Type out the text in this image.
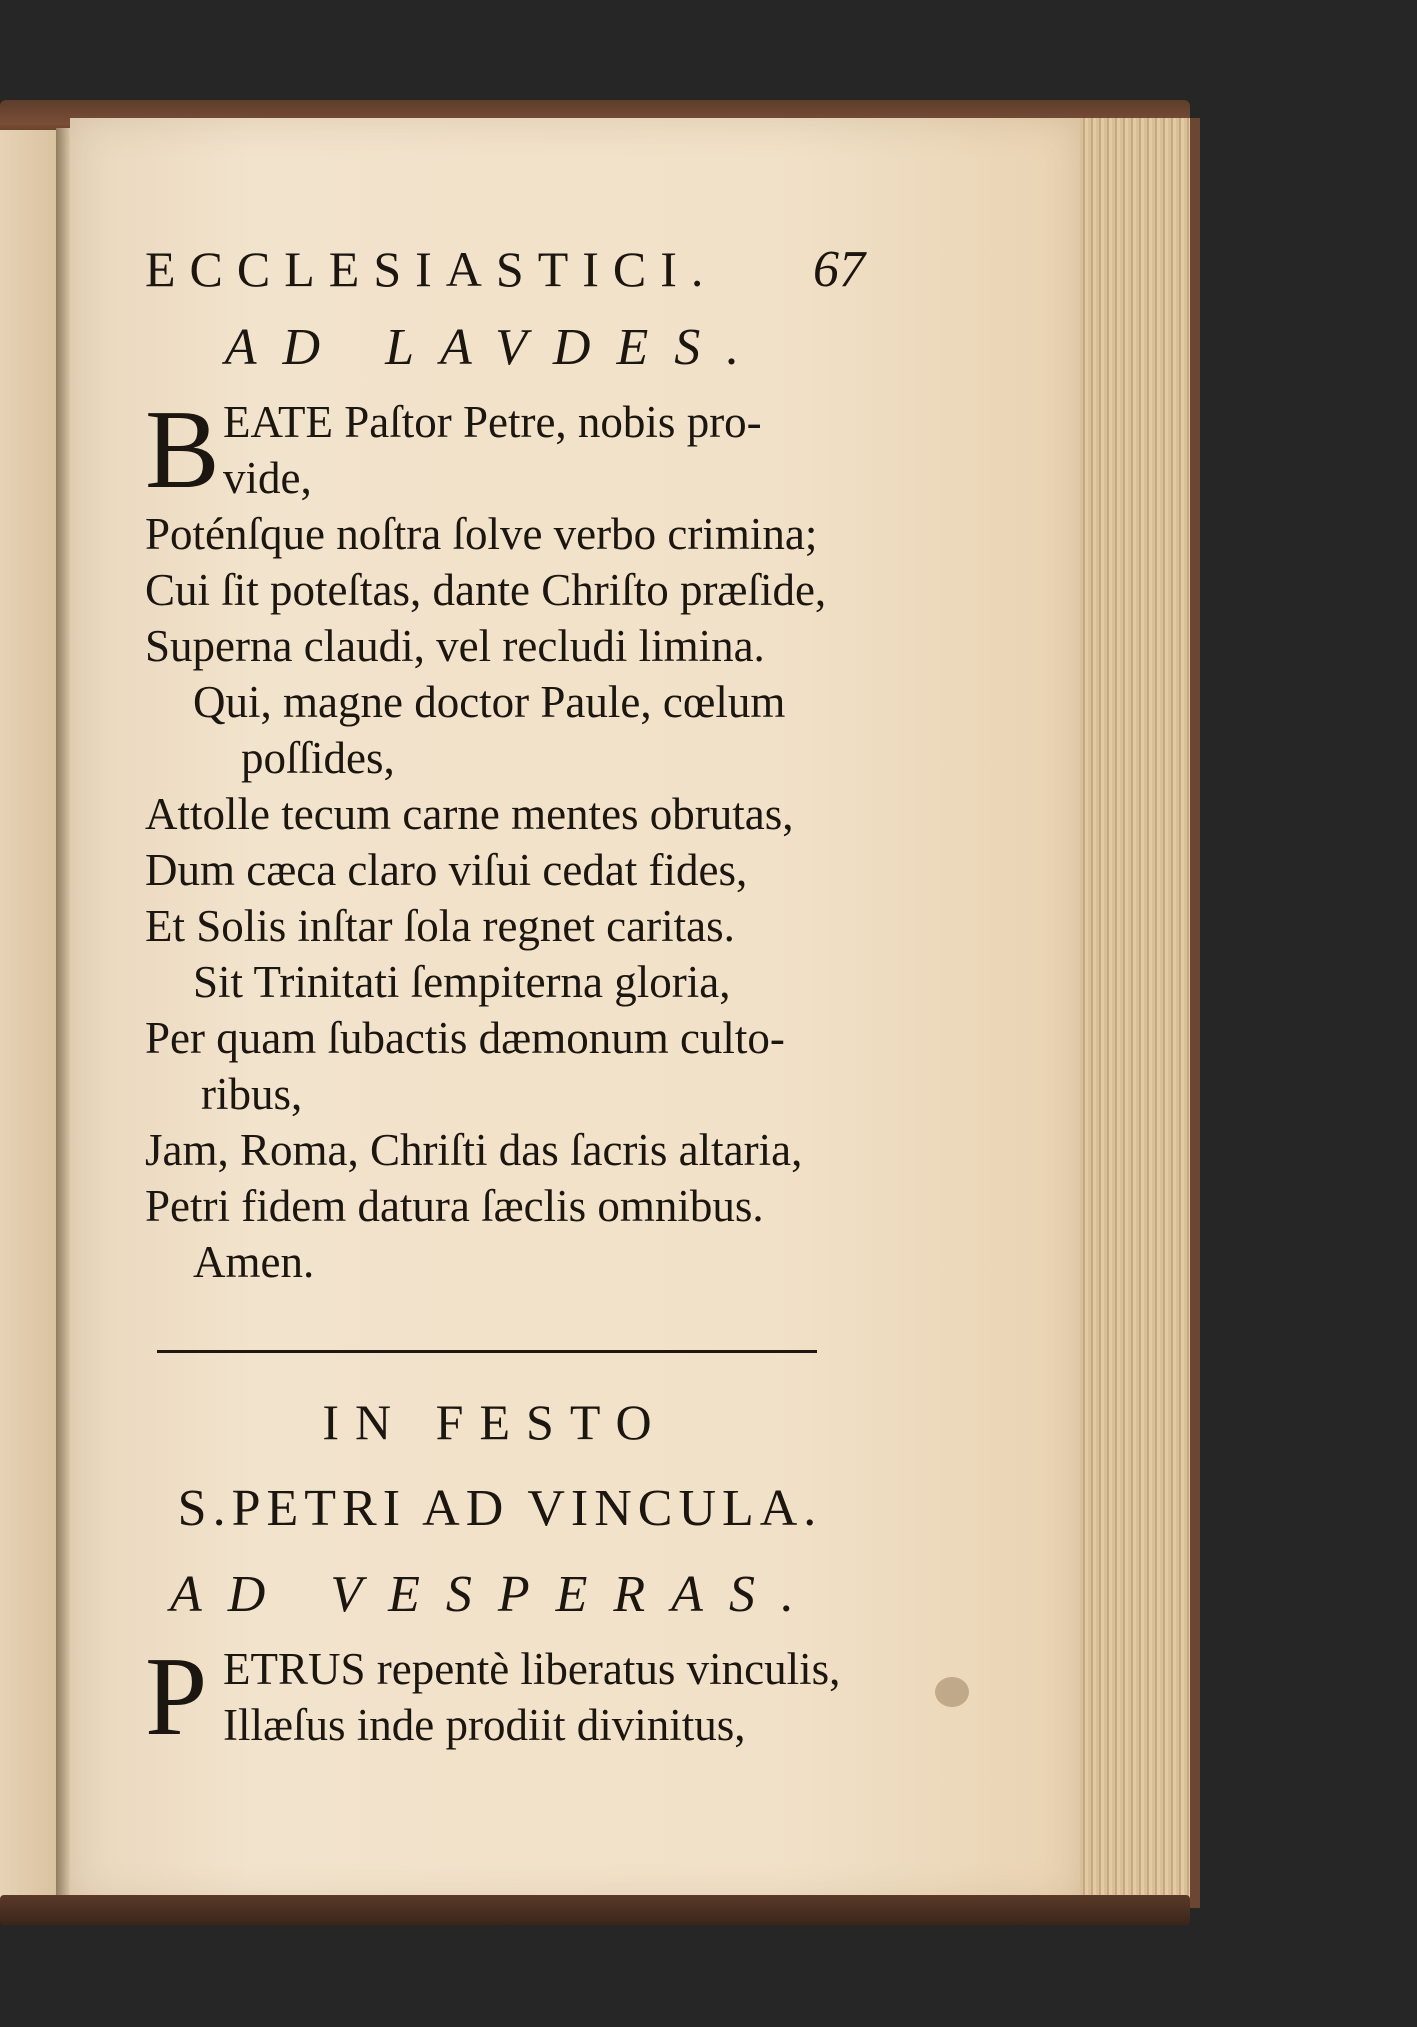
ECCLESIASTICI. 67
AD LAVDES.
B EATE Paſtor Petre, nobis pro-
vide,
Poténſque noſtra ſolve verbo crimina;
Cui ſit poteſtas, dante Chriſto præſide,
Superna claudi, vel recludi limina.
Qui, magne doctor Paule, cœlum
poſſides,
Attolle tecum carne mentes obrutas,
Dum cæca claro viſui cedat fides,
Et Solis inſtar ſola regnet caritas.
Sit Trinitati ſempiterna gloria,
Per quam ſubactis dæmonum culto-
ribus,
Jam, Roma, Chriſti das ſacris altaria,
Petri fidem datura ſæclis omnibus.
Amen.
IN FESTO
S.PETRI AD VINCULA.
AD VESPERAS.
P ETRUS repentè liberatus vinculis,
Illæſus inde prodiit divinitus,
